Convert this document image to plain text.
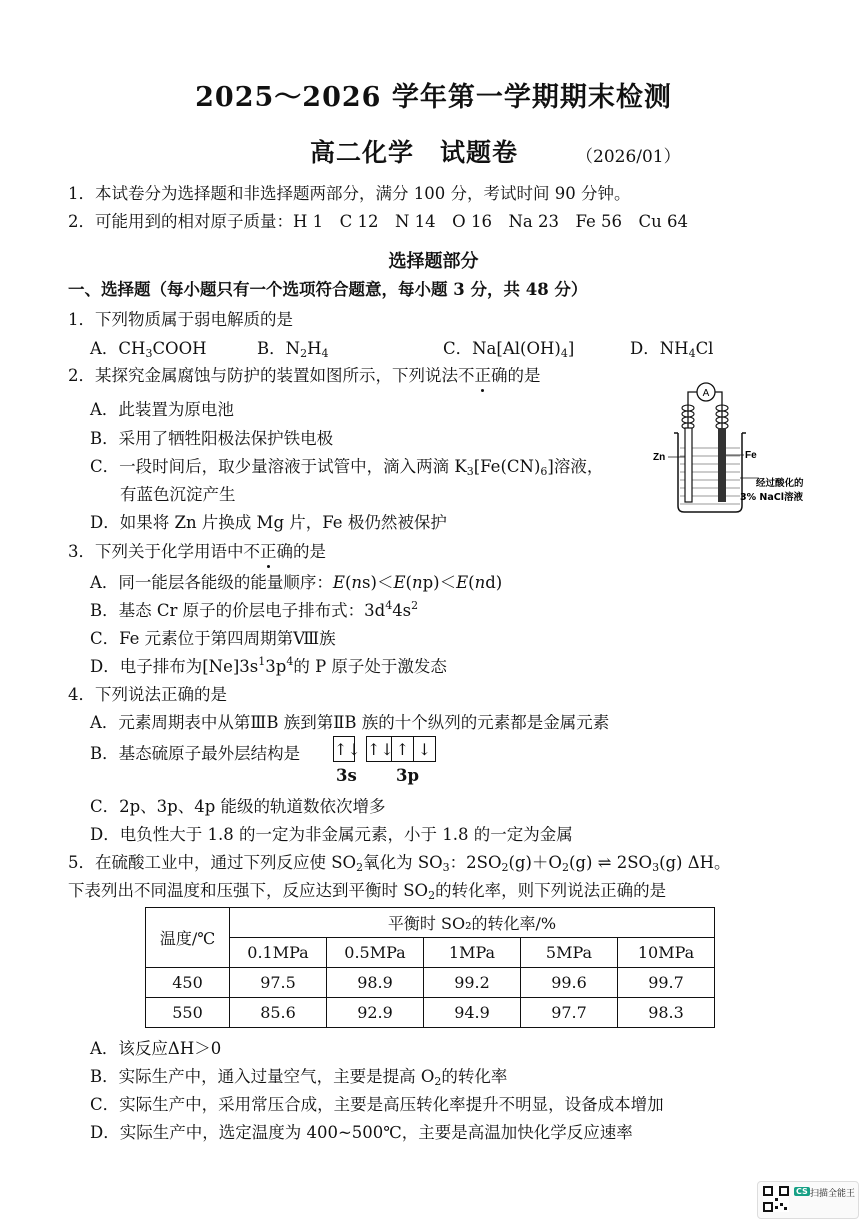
2025～2026 学年第一学期期末检测
高二化学　试题卷	（2026/01）
1．本试卷分为选择题和非选择题两部分，满分 100 分，考试时间 90 分钟。
2．可能用到的相对原子质量：H 1　C 12　N 14　O 16　Na 23　Fe 56　Cu 64
选择题部分
一、选择题（每小题只有一个选项符合题意，每小题 3 分，共 48 分）
1．下列物质属于弱电解质的是
A．$CH_3COOH$	B．$N_2H_4$	C．$Na[Al(OH)_4]$	D．$NH_4Cl$
2．某探究金属腐蚀与防护的装置如图所示，下列说法不正确的是
A．此装置为原电池
B．采用了牺牲阳极法保护铁电极
C．一段时间后，取少量溶液于试管中，滴入两滴 $K_3[Fe(CN)_6]$溶液，
有蓝色沉淀产生
D．如果将 Zn 片换成 Mg 片，Fe 极仍然被保护
A
Zn	Fe
经过酸化的
3% NaCl溶液
3．下列关于化学用语中不正确的是
A．同一能层各能级的能量顺序：E(ns)＜E(np)＜E(nd)
B．基态 Cr 原子的价层电子排布式：$3d^44s^2$
C．Fe 元素位于第四周期第Ⅷ族
D．电子排布为$[Ne]3s^13p^4$的 P 原子处于激发态
4．下列说法正确的是
A．元素周期表中从第ⅢB 族到第ⅡB 族的十个纵列的元素都是金属元素
B．基态硫原子最外层结构是 ↑↓ ↑↓ ↑ ↓
3s 3p
C．2p、3p、4p 能级的轨道数依次增多
D．电负性大于 1.8 的一定为非金属元素，小于 1.8 的一定为金属
5．在硫酸工业中，通过下列反应使 $SO_2$氧化为 $SO_3$：$2SO_2(g)+O_2(g)$ ⇌ $2SO_3(g)$ ΔH。
下表列出不同温度和压强下，反应达到平衡时 $SO_2$的转化率，则下列说法正确的是
温度/℃	平衡时 SO₂的转化率/%				
	0.1MPa	0.5MPa	1MPa	5MPa	10MPa
450	97.5	98.9	99.2	99.6	99.7
550	85.6	92.9	94.9	97.7	98.3
A．该反应ΔH＞0
B．实际生产中，通入过量空气，主要是提高 $O_2$的转化率
C．实际生产中，采用常压合成，主要是高压转化率提升不明显，设备成本增加
D．实际生产中，选定温度为 400~500℃，主要是高温加快化学反应速率
CS 扫描全能王
